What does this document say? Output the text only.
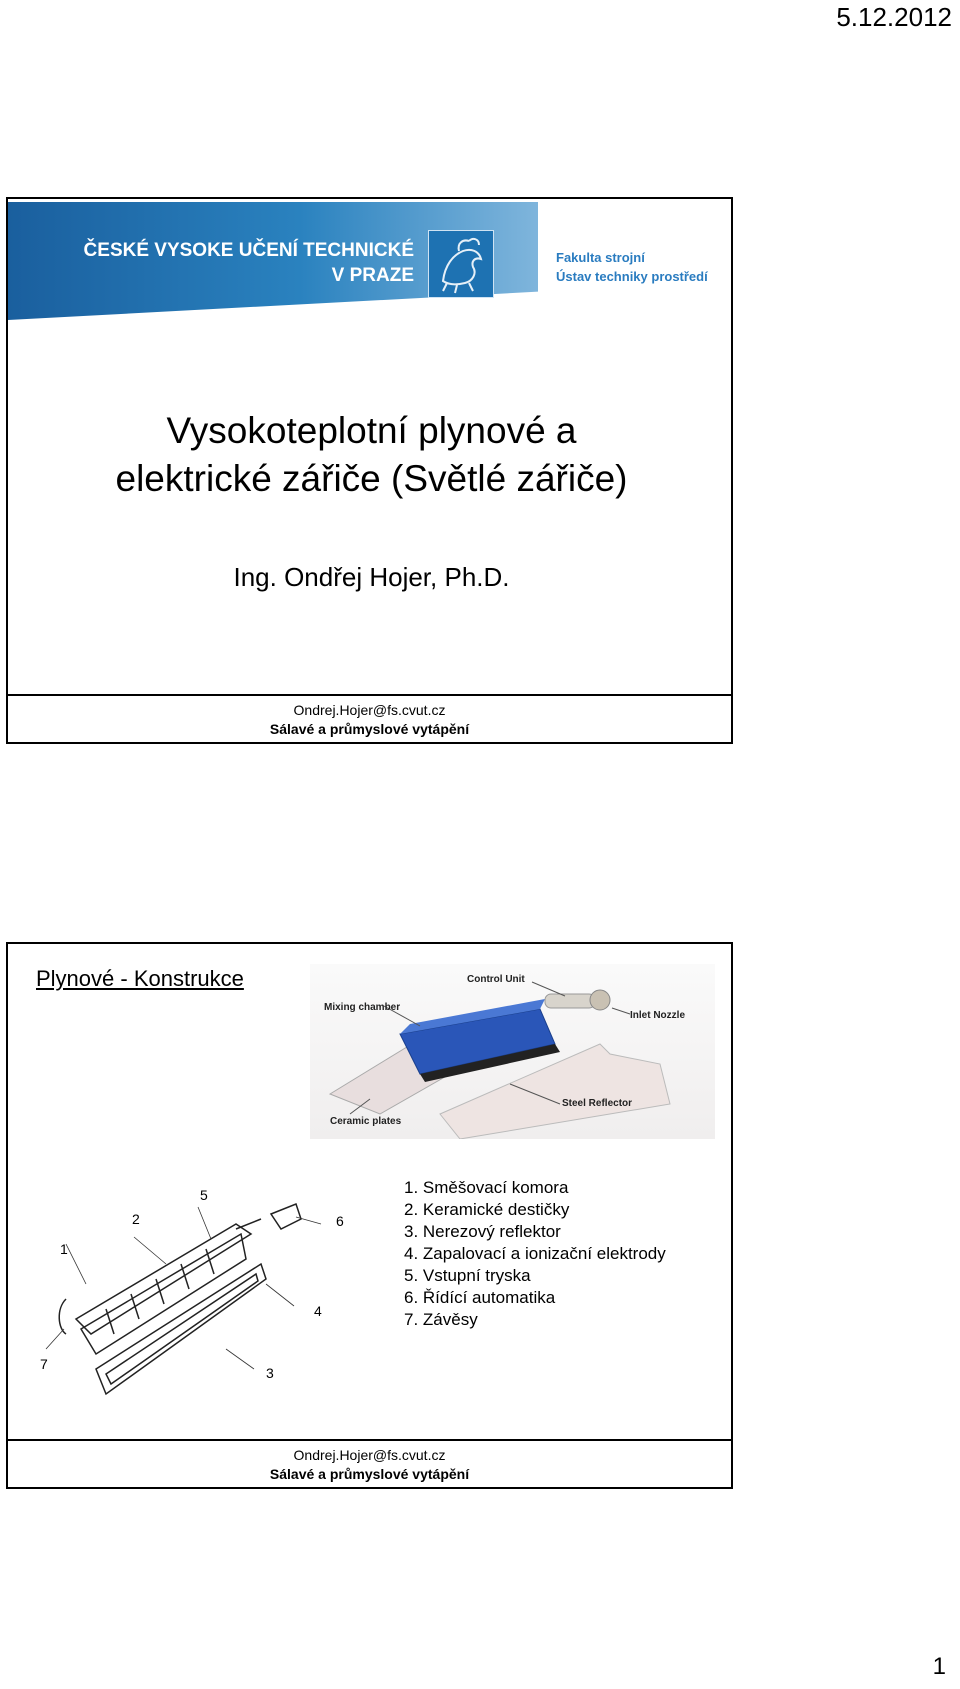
5.12.2012
ČESKÉ VYSOKE UČENÍ TECHNICKÉ
V PRAZE
Fakulta strojní
Ústav techniky prostředí
Vysokoteplotní plynové a
elektrické zářiče (Světlé zářiče)
Ing. Ondřej Hojer, Ph.D.
Ondrej.Hojer@fs.cvut.cz
Sálavé a průmyslové vytápění
Plynové - Konstrukce	Control Unit
Mixing chamber
Inlet Nozzle
Steel Reflector
Ceramic plates
1
2
3
4
5
6
7
1. Směšovací komora
2. Keramické destičky
3. Nerezový reflektor
4. Zapalovací a ionizační elektrody
5. Vstupní tryska
6. Řídící automatika
7. Závěsy
Ondrej.Hojer@fs.cvut.cz
Sálavé a průmyslové vytápění
1
